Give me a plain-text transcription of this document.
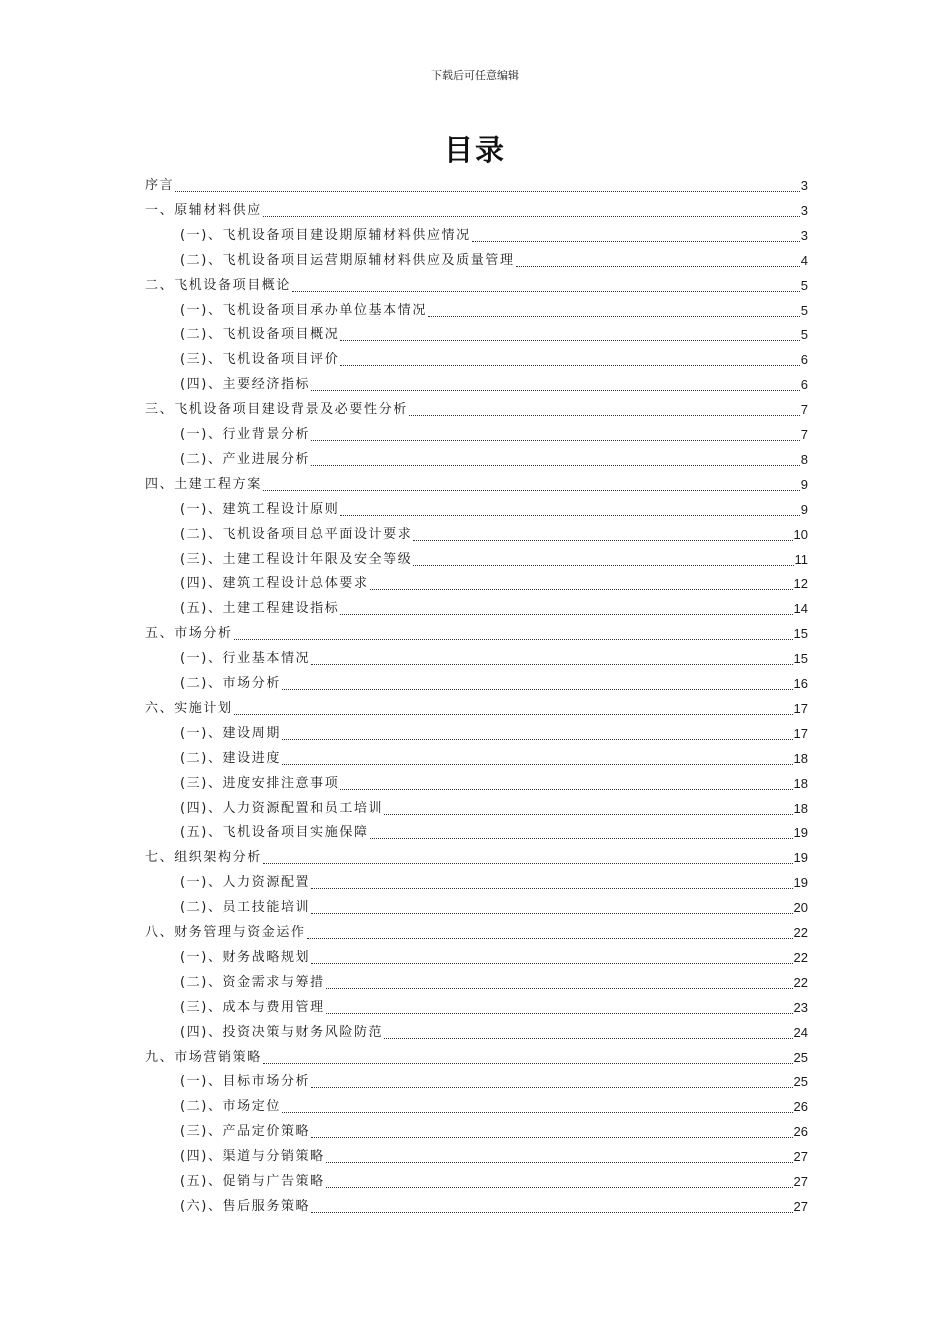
下载后可任意编辑
目录
序言	3
一、原辅材料供应	3
(一)、飞机设备项目建设期原辅材料供应情况	3
(二)、飞机设备项目运营期原辅材料供应及质量管理	4
二、飞机设备项目概论	5
(一)、飞机设备项目承办单位基本情况	5
(二)、飞机设备项目概况	5
(三)、飞机设备项目评价	6
(四)、主要经济指标	6
三、飞机设备项目建设背景及必要性分析	7
(一)、行业背景分析	7
(二)、产业进展分析	8
四、土建工程方案	9
(一)、建筑工程设计原则	9
(二)、飞机设备项目总平面设计要求	10
(三)、土建工程设计年限及安全等级	11
(四)、建筑工程设计总体要求	12
(五)、土建工程建设指标	14
五、市场分析	15
(一)、行业基本情况	15
(二)、市场分析	16
六、实施计划	17
(一)、建设周期	17
(二)、建设进度	18
(三)、进度安排注意事项	18
(四)、人力资源配置和员工培训	18
(五)、飞机设备项目实施保障	19
七、组织架构分析	19
(一)、人力资源配置	19
(二)、员工技能培训	20
八、财务管理与资金运作	22
(一)、财务战略规划	22
(二)、资金需求与筹措	22
(三)、成本与费用管理	23
(四)、投资决策与财务风险防范	24
九、市场营销策略	25
(一)、目标市场分析	25
(二)、市场定位	26
(三)、产品定价策略	26
(四)、渠道与分销策略	27
(五)、促销与广告策略	27
(六)、售后服务策略	27
